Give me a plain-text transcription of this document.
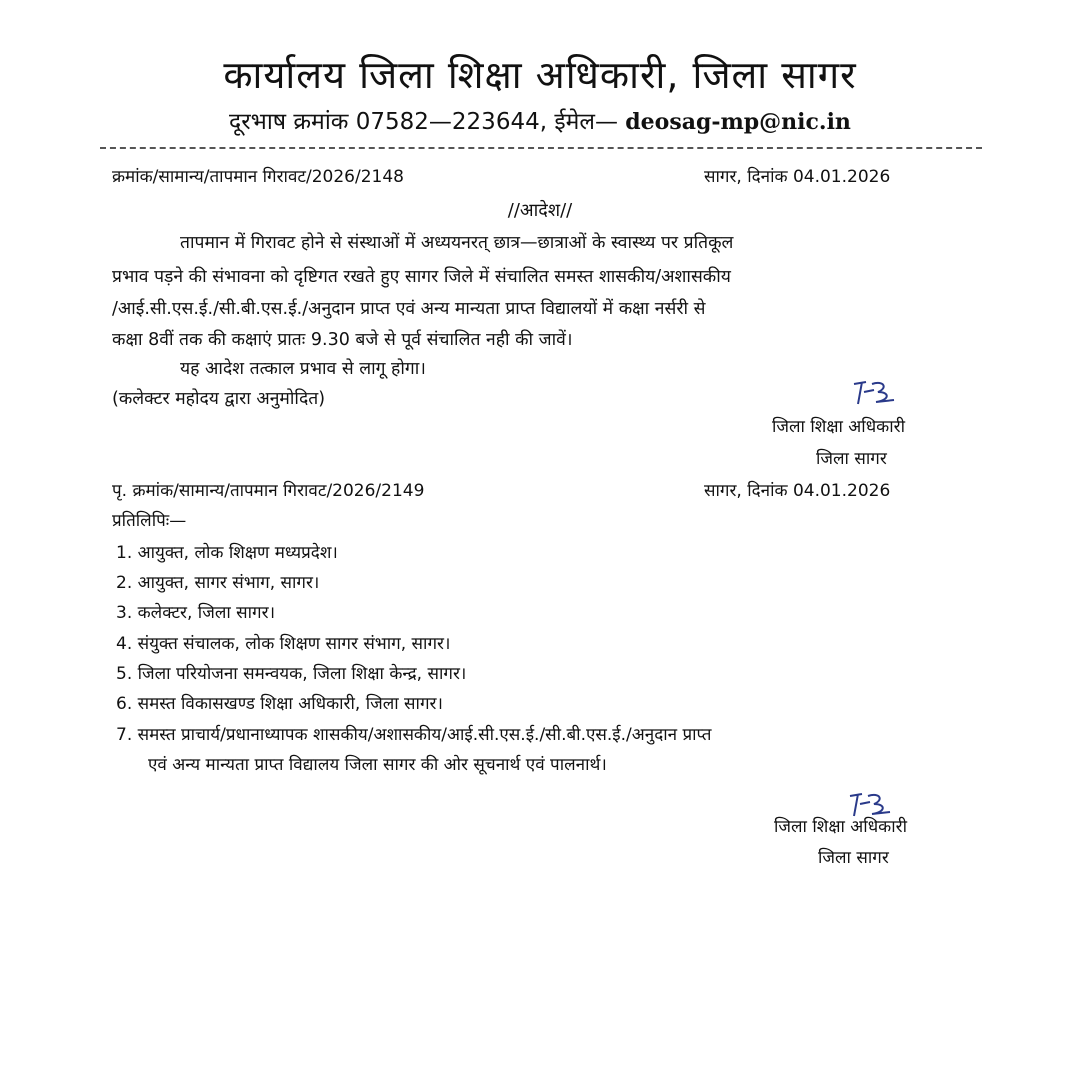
कार्यालय जिला शिक्षा अधिकारी, जिला सागर
दूरभाष क्रमांक 07582—223644, ईमेल— deosag-mp@nic.in
क्रमांक/सामान्य/तापमान गिरावट/2026/2148	सागर, दिनांक 04.01.2026
//आदेश//
तापमान में गिरावट होने से संस्थाओं में अध्ययनरत् छात्र—छात्राओं के स्वास्थ्य पर प्रतिकूल
प्रभाव पड़ने की संभावना को दृष्टिगत रखते हुए सागर जिले में संचालित समस्त शासकीय/अशासकीय
/आई.सी.एस.ई./सी.बी.एस.ई./अनुदान प्राप्त एवं अन्य मान्यता प्राप्त विद्यालयों में कक्षा नर्सरी से
कक्षा 8वीं तक की कक्षाएं प्रातः 9.30 बजे से पूर्व संचालित नही की जावें।
यह आदेश तत्काल प्रभाव से लागू होगा।
(कलेक्टर महोदय द्वारा अनुमोदित)
जिला शिक्षा अधिकारी
जिला सागर
पृ. क्रमांक/सामान्य/तापमान गिरावट/2026/2149	सागर, दिनांक 04.01.2026
प्रतिलिपिः—
1. आयुक्त, लोक शिक्षण मध्यप्रदेश।
2. आयुक्त, सागर संभाग, सागर।
3. कलेक्टर, जिला सागर।
4. संयुक्त संचालक, लोक शिक्षण सागर संभाग, सागर।
5. जिला परियोजना समन्वयक, जिला शिक्षा केन्द्र, सागर।
6. समस्त विकासखण्ड शिक्षा अधिकारी, जिला सागर।
7. समस्त प्राचार्य/प्रधानाध्यापक शासकीय/अशासकीय/आई.सी.एस.ई./सी.बी.एस.ई./अनुदान प्राप्त
एवं अन्य मान्यता प्राप्त विद्यालय जिला सागर की ओर सूचनार्थ एवं पालनार्थ।
जिला शिक्षा अधिकारी
जिला सागर
